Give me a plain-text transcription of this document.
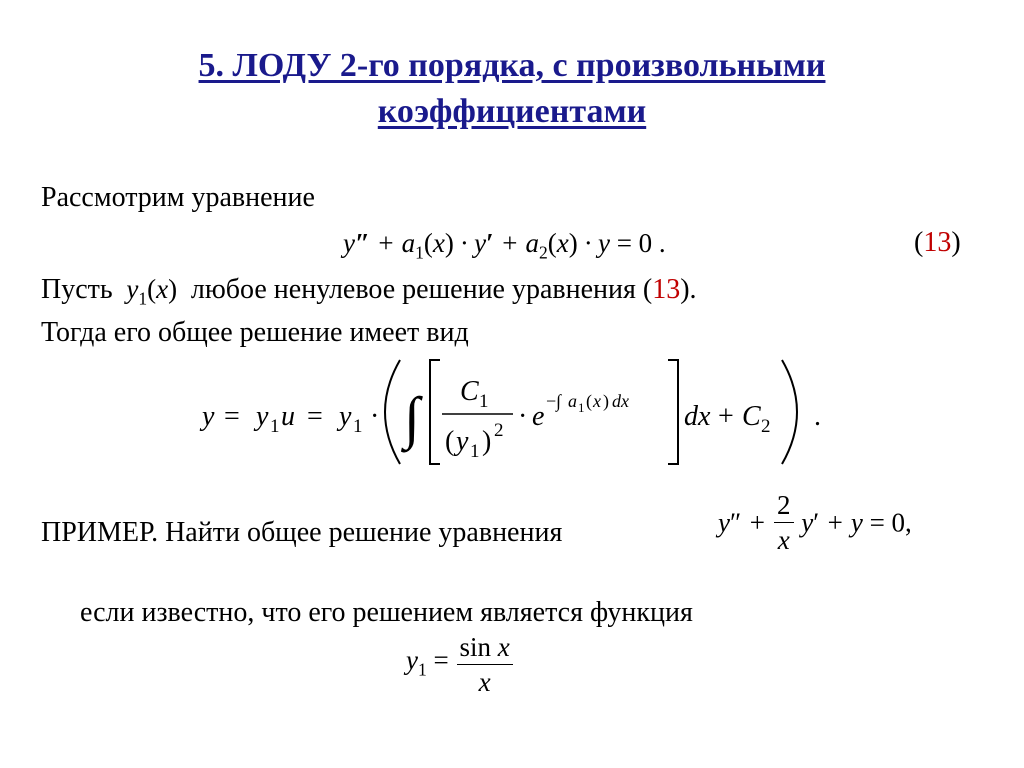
5. ЛОДУ 2-го порядка, с произвольными
коэффициентами
Рассмотрим уравнение
$y'' + a_1(x) \cdot y' + a_2(x) \cdot y = 0$ .	(13)
Пусть  $y_1(x)$ любое ненулевое решение уравнения (13).
Тогда его общее решение имеет вид
y = y 1 u = y 1 · ∫ C 1
( y 1 ) 2 · e −∫ a 1 ( x ) dx dx + C 2 .
ПРИМЕР. Найти общее решение уравнения	$y'' + \frac{2}{x} y' + y = 0$,
если известно, что его решением является функция
$y_1 = \frac{\text{sin x}}{x}$
